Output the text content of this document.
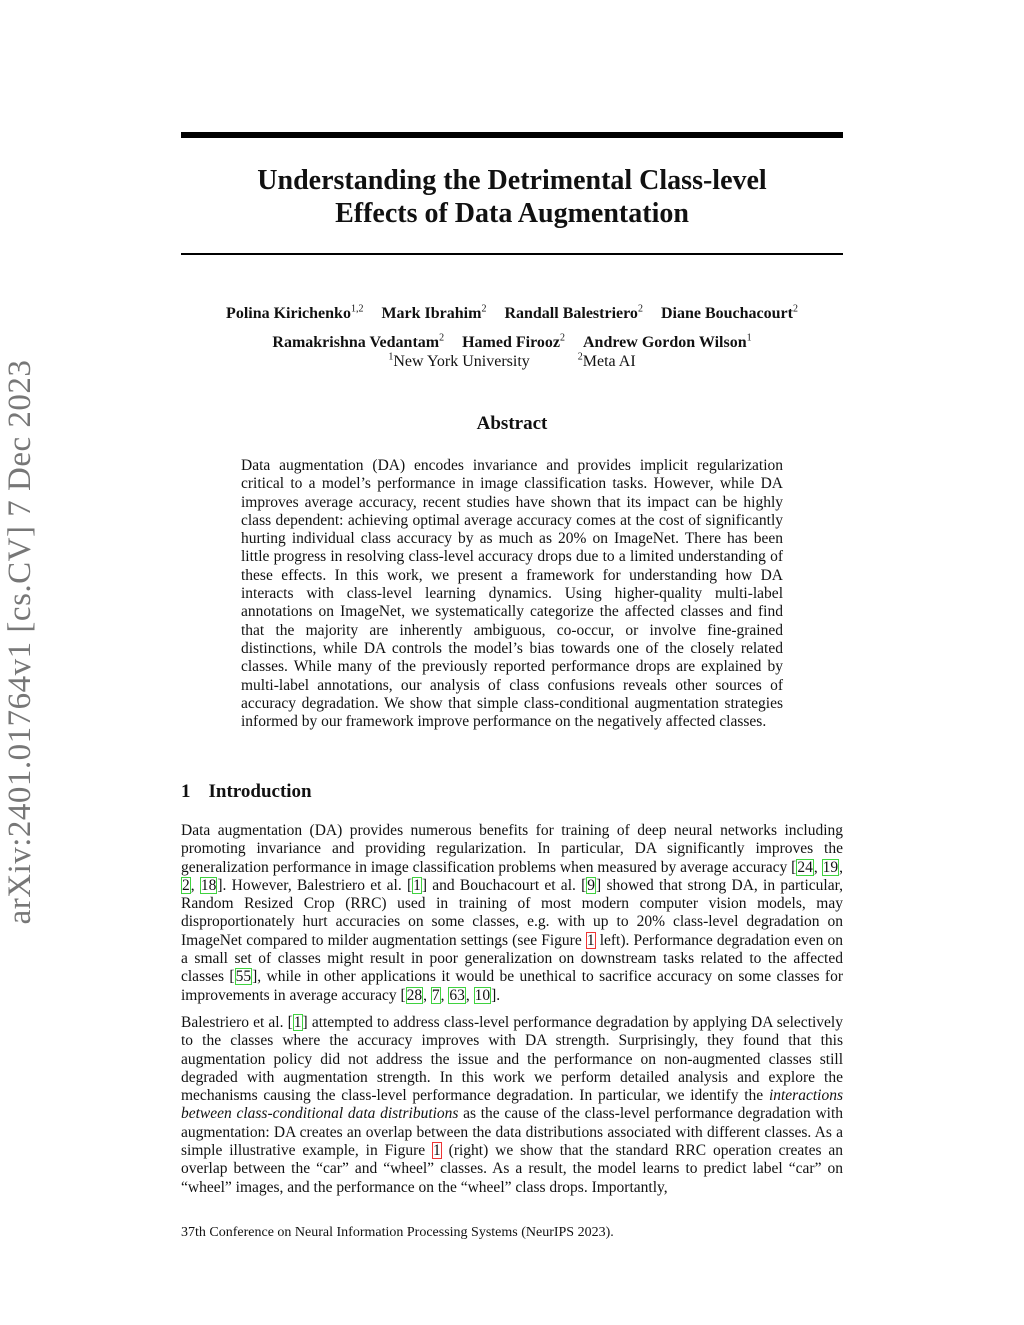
arXiv:2401.01764v1 [cs.CV] 7 Dec 2023
Understanding the Detrimental Class-level
Effects of Data Augmentation
Polina Kirichenko$^{1,2}$ Mark Ibrahim$^2$ Randall Balestriero$^2$ Diane Bouchacourt$^2$
Ramakrishna Vedantam$^2$ Hamed Firooz$^2$ Andrew Gordon Wilson$^1$
$^1$New York University	$^2$Meta AI
Abstract

Data augmentation (DA) encodes invariance and provides implicit regularization critical to a model’s performance in image classification tasks. However, while DA improves average accuracy, recent studies have shown that its impact can be highly class dependent: achieving optimal average accuracy comes at the cost of significantly hurting individual class accuracy by as much as 20% on ImageNet. There has been little progress in resolving class-level accuracy drops due to a limited understanding of these effects. In this work, we present a framework for understanding how DA interacts with class-level learning dynamics. Using higher-quality multi-label annotations on ImageNet, we systematically categorize the affected classes and find that the majority are inherently ambiguous, co-occur, or involve fine-grained distinctions, while DA controls the model’s bias towards one of the closely related classes. While many of the previously reported performance drops are explained by multi-label annotations, our analysis of class confusions reveals other sources of accuracy degradation. We show that simple class-conditional augmentation strategies informed by our framework improve performance on the negatively affected classes.

1 Introduction

Data augmentation (DA) provides numerous benefits for training of deep neural networks including promoting invariance and providing regularization. In particular, DA significantly improves the generalization performance in image classification problems when measured by average accuracy [24, 19, 2, 18]. However, Balestriero et al. [1] and Bouchacourt et al. [9] showed that strong DA, in particular, Random Resized Crop (RRC) used in training of most modern computer vision models, may disproportionately hurt accuracies on some classes, e.g. with up to 20% class-level degradation on ImageNet compared to milder augmentation settings (see Figure 1 left). Performance degradation even on a small set of classes might result in poor generalization on downstream tasks related to the affected classes [55], while in other applications it would be unethical to sacrifice accuracy on some classes for improvements in average accuracy [28, 7, 63, 10].

Balestriero et al. [1] attempted to address class-level performance degradation by applying DA selectively to the classes where the accuracy improves with DA strength. Surprisingly, they found that this augmentation policy did not address the issue and the performance on non-augmented classes still degraded with augmentation strength. In this work we perform detailed analysis and explore the mechanisms causing the class-level performance degradation. In particular, we identify the interactions between class-conditional data distributions as the cause of the class-level performance degradation with augmentation: DA creates an overlap between the data distributions associated with different classes. As a simple illustrative example, in Figure 1 (right) we show that the standard RRC operation creates an overlap between the “car” and “wheel” classes. As a result, the model learns to predict label “car” on “wheel” images, and the performance on the “wheel” class drops. Importantly,

37th Conference on Neural Information Processing Systems (NeurIPS 2023).
